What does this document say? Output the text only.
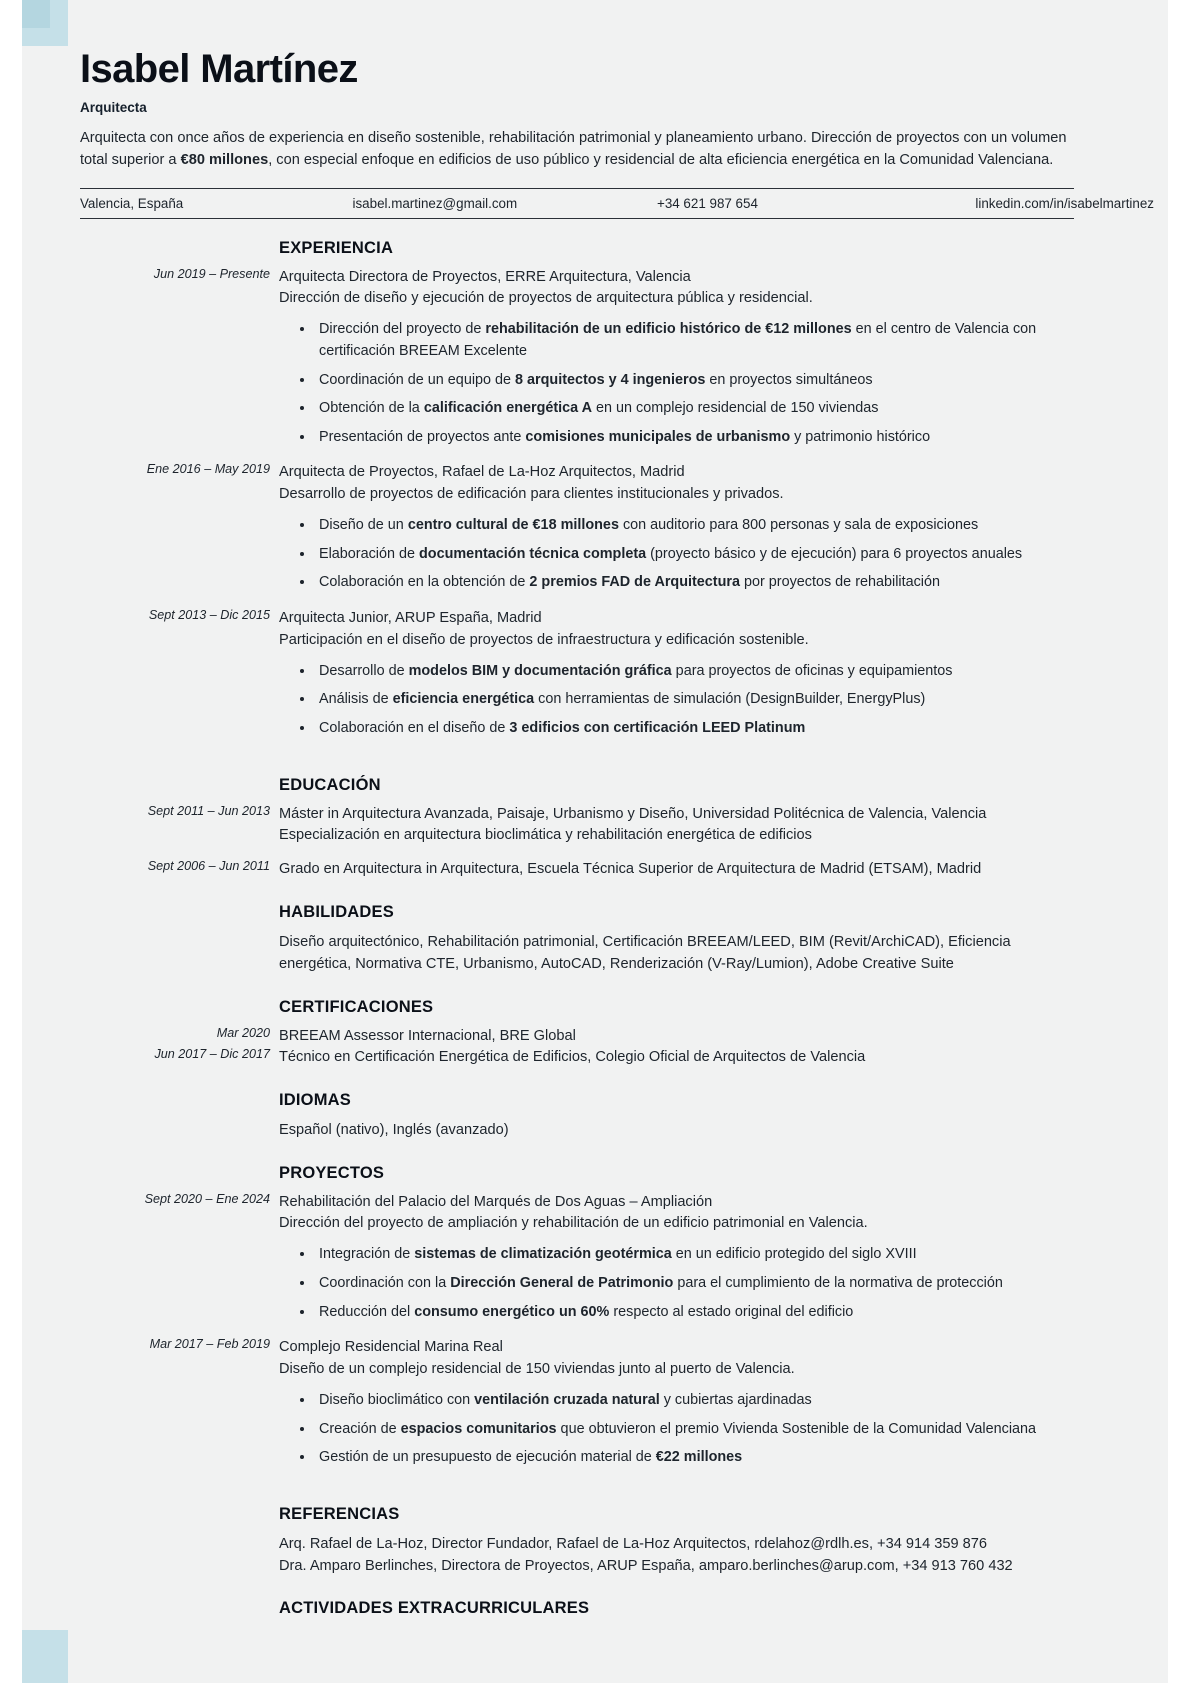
Isabel Martínez
Arquitecta
Arquitecta con once años de experiencia en diseño sostenible, rehabilitación patrimonial y planeamiento urbano. Dirección de proyectos con un volumen total superior a €80 millones, con especial enfoque en edificios de uso público y residencial de alta eficiencia energética en la Comunidad Valenciana.
Valencia, España	isabel.martinez@gmail.com	+34 621 987 654	linkedin.com/in/isabelmartinez
EXPERIENCIA
Jun 2019 – Presente Arquitecta Directora de Proyectos, ERRE Arquitectura, Valencia
Dirección de diseño y ejecución de proyectos de arquitectura pública y residencial.
• Dirección del proyecto de rehabilitación de un edificio histórico de €12 millones en el centro de Valencia con certificación BREEAM Excelente
• Coordinación de un equipo de 8 arquitectos y 4 ingenieros en proyectos simultáneos
• Obtención de la calificación energética A en un complejo residencial de 150 viviendas
• Presentación de proyectos ante comisiones municipales de urbanismo y patrimonio histórico
Ene 2016 – May 2019 Arquitecta de Proyectos, Rafael de La-Hoz Arquitectos, Madrid
Desarrollo de proyectos de edificación para clientes institucionales y privados.
• Diseño de un centro cultural de €18 millones con auditorio para 800 personas y sala de exposiciones
• Elaboración de documentación técnica completa (proyecto básico y de ejecución) para 6 proyectos anuales
• Colaboración en la obtención de 2 premios FAD de Arquitectura por proyectos de rehabilitación
Sept 2013 – Dic 2015 Arquitecta Junior, ARUP España, Madrid
Participación en el diseño de proyectos de infraestructura y edificación sostenible.
• Desarrollo de modelos BIM y documentación gráfica para proyectos de oficinas y equipamientos
• Análisis de eficiencia energética con herramientas de simulación (DesignBuilder, EnergyPlus)
• Colaboración en el diseño de 3 edificios con certificación LEED Platinum
EDUCACIÓN
Sept 2011 – Jun 2013 Máster in Arquitectura Avanzada, Paisaje, Urbanismo y Diseño, Universidad Politécnica de Valencia, Valencia
Especialización en arquitectura bioclimática y rehabilitación energética de edificios
Sept 2006 – Jun 2011 Grado en Arquitectura in Arquitectura, Escuela Técnica Superior de Arquitectura de Madrid (ETSAM), Madrid
HABILIDADES
Diseño arquitectónico, Rehabilitación patrimonial, Certificación BREEAM/LEED, BIM (Revit/ArchiCAD), Eficiencia energética, Normativa CTE, Urbanismo, AutoCAD, Renderización (V-Ray/Lumion), Adobe Creative Suite
CERTIFICACIONES
Mar 2020 BREEAM Assessor Internacional, BRE Global
Jun 2017 – Dic 2017 Técnico en Certificación Energética de Edificios, Colegio Oficial de Arquitectos de Valencia
IDIOMAS
Español (nativo), Inglés (avanzado)
PROYECTOS
Sept 2020 – Ene 2024 Rehabilitación del Palacio del Marqués de Dos Aguas – Ampliación
Dirección del proyecto de ampliación y rehabilitación de un edificio patrimonial en Valencia.
• Integración de sistemas de climatización geotérmica en un edificio protegido del siglo XVIII
• Coordinación con la Dirección General de Patrimonio para el cumplimiento de la normativa de protección
• Reducción del consumo energético un 60% respecto al estado original del edificio
Mar 2017 – Feb 2019 Complejo Residencial Marina Real
Diseño de un complejo residencial de 150 viviendas junto al puerto de Valencia.
• Diseño bioclimático con ventilación cruzada natural y cubiertas ajardinadas
• Creación de espacios comunitarios que obtuvieron el premio Vivienda Sostenible de la Comunidad Valenciana
• Gestión de un presupuesto de ejecución material de €22 millones
REFERENCIAS
Arq. Rafael de La-Hoz, Director Fundador, Rafael de La-Hoz Arquitectos, rdelahoz@rdlh.es, +34 914 359 876
Dra. Amparo Berlinches, Directora de Proyectos, ARUP España, amparo.berlinches@arup.com, +34 913 760 432
ACTIVIDADES EXTRACURRICULARES
